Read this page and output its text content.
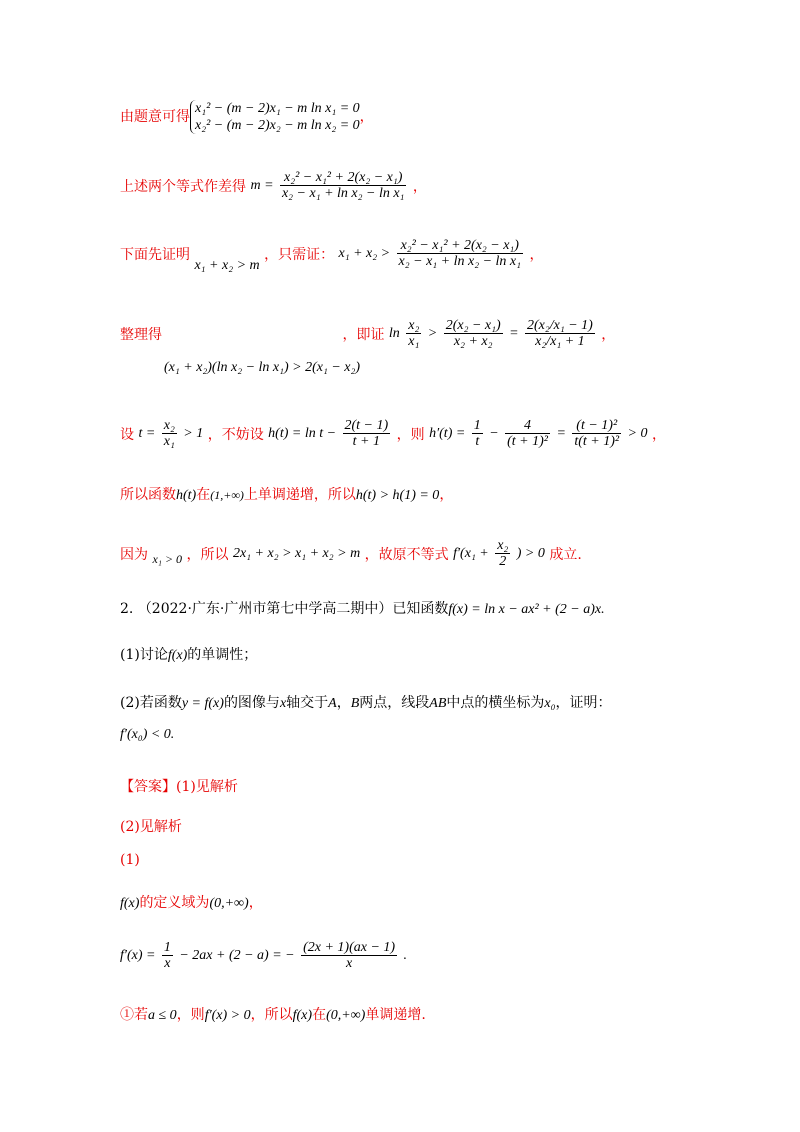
由题意可得
x₁² − (m − 2)x₁ − m ln x₁ = 0
x₂² − (m − 2)x₂ − m ln x₂ = 0
，
上述两个等式作差得 $m = \frac{\text{x₂² − x₁² + 2(x₂ − x₁)}}{\text{x₂ − x₁ + ln x₂ − ln x₁}}$ ，
下面先证明 x₁ + x₂ > m ，只需证： $x_1 + x_2 > \frac{\text{x₂² − x₁² + 2(x₂ − x₁)}}{\text{x₂ − x₁ + ln x₂ − ln x₁}}$ ，
整理得
(x₁ + x₂)(ln x₂ − ln x₁) > 2(x₁ − x₂)
，即证 $\ln \frac{\text{x₂}}{\text{x₁}} > \frac{\text{2(x₂ − x₁)}}{\text{x₂ + x₂}} = \frac{\text{2(x₂/x₁ − 1)}}{\text{x₂/x₁ + 1}}$ ，
设 $t = \frac{\text{x₂}}{\text{x₁}} > 1$ ，不妨设 $h(t) = \ln t - \frac{2(t - 1)}{t + 1}$ ，则 $h'(t) = \frac{1}{t} - \frac{4}{\text{(t + 1)²}} = \frac{\text{(t − 1)²}}{\text{t(t + 1)²}} > 0$ ，
所以函数h(t)在(1,+∞)上单调递增，所以h(t) > h(1) = 0，
因为 x₁ > 0 ，所以 2x₁ + x₂ > x₁ + x₂ > m ，故原不等式 $f'(x_1 + \frac{\text{x₂}}{2}$ ) > 0 成立.
2. （2022·广东·广州市第七中学高二期中）已知函数f(x) = ln x − ax² + (2 − a)x.
(1)讨论f(x)的单调性；
(2)若函数y = f(x)的图像与x轴交于A，B两点，线段AB中点的横坐标为x₀，证明：
f′(x₀) < 0.
【答案】(1)见解析
(2)见解析
(1)
f(x)的定义域为(0,+∞)，
$f'(x) = \frac{1}{x} - 2ax + (2 - a)$ = − $\frac{(2x + 1)(ax - 1)}{x}$ .
①若a ≤ 0，则f′(x) > 0，所以f(x)在(0,+∞)单调递增.
